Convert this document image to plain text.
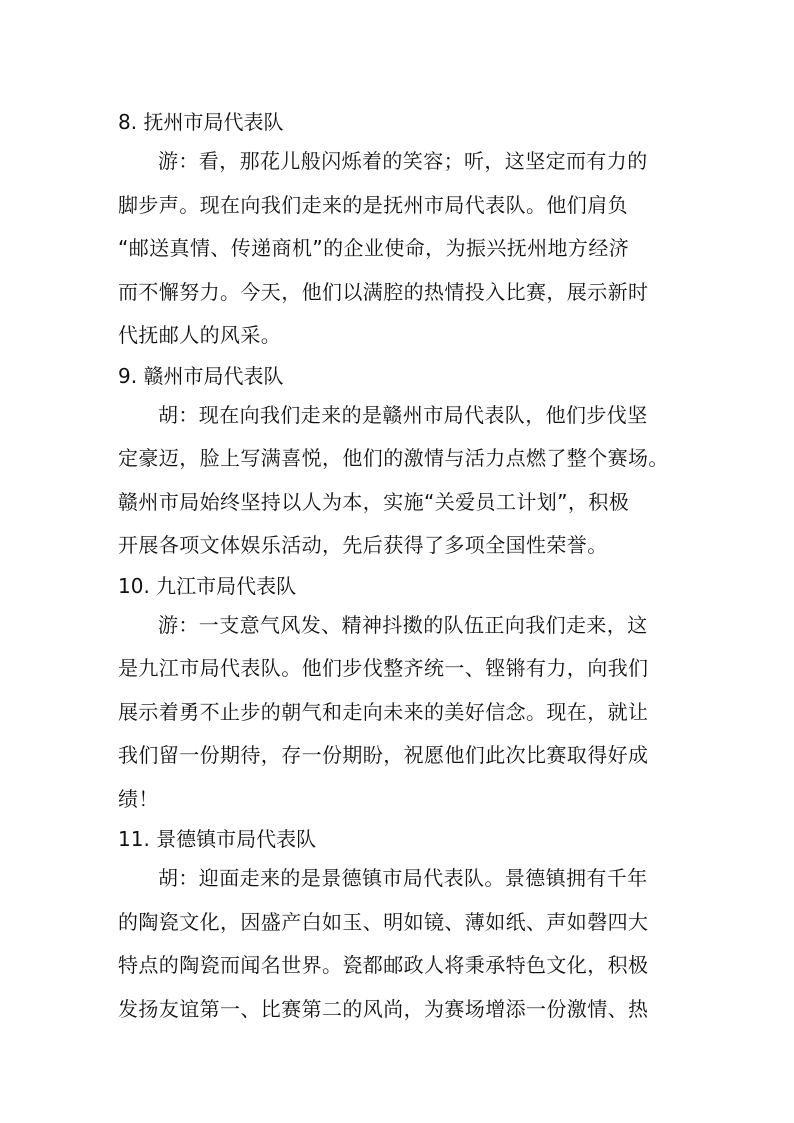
8. 抚州市局代表队

游：看，那花儿般闪烁着的笑容；听，这坚定而有力的
脚步声。现在向我们走来的是抚州市局代表队。他们肩负
“邮送真情、传递商机”的企业使命，为振兴抚州地方经济
而不懈努力。今天，他们以满腔的热情投入比赛，展示新时
代抚邮人的风采。

9. 赣州市局代表队

胡：现在向我们走来的是赣州市局代表队，他们步伐坚
定豪迈，脸上写满喜悦，他们的激情与活力点燃了整个赛场。
赣州市局始终坚持以人为本，实施“关爱员工计划”，积极
开展各项文体娱乐活动，先后获得了多项全国性荣誉。

10. 九江市局代表队

游：一支意气风发、精神抖擞的队伍正向我们走来，这
是九江市局代表队。他们步伐整齐统一、铿锵有力，向我们
展示着勇不止步的朝气和走向未来的美好信念。现在，就让
我们留一份期待，存一份期盼，祝愿他们此次比赛取得好成
绩！

11. 景德镇市局代表队

胡：迎面走来的是景德镇市局代表队。景德镇拥有千年
的陶瓷文化，因盛产白如玉、明如镜、薄如纸、声如磬四大
特点的陶瓷而闻名世界。瓷都邮政人将秉承特色文化，积极
发扬友谊第一、比赛第二的风尚，为赛场增添一份激情、热
